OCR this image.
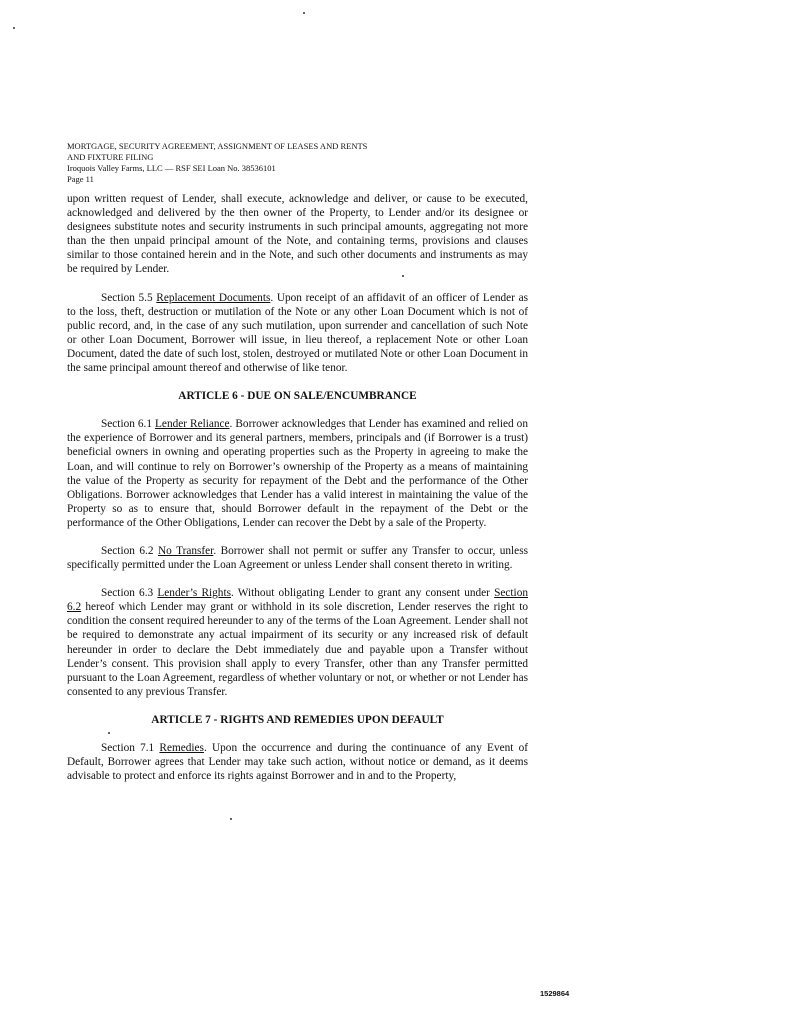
MORTGAGE, SECURITY AGREEMENT, ASSIGNMENT OF LEASES AND RENTS
AND FIXTURE FILING
Iroquois Valley Farms, LLC — RSF SEI Loan No. 38536101
Page 11

upon written request of Lender, shall execute, acknowledge and deliver, or cause to be executed, acknowledged and delivered by the then owner of the Property, to Lender and/or its designee or designees substitute notes and security instruments in such principal amounts, aggregating not more than the then unpaid principal amount of the Note, and containing terms, provisions and clauses similar to those contained herein and in the Note, and such other documents and instruments as may be required by Lender.

Section 5.5 Replacement Documents. Upon receipt of an affidavit of an officer of Lender as to the loss, theft, destruction or mutilation of the Note or any other Loan Document which is not of public record, and, in the case of any such mutilation, upon surrender and cancellation of such Note or other Loan Document, Borrower will issue, in lieu thereof, a replacement Note or other Loan Document, dated the date of such lost, stolen, destroyed or mutilated Note or other Loan Document in the same principal amount thereof and otherwise of like tenor.

ARTICLE 6 - DUE ON SALE/ENCUMBRANCE

Section 6.1 Lender Reliance. Borrower acknowledges that Lender has examined and relied on the experience of Borrower and its general partners, members, principals and (if Borrower is a trust) beneficial owners in owning and operating properties such as the Property in agreeing to make the Loan, and will continue to rely on Borrower’s ownership of the Property as a means of maintaining the value of the Property as security for repayment of the Debt and the performance of the Other Obligations. Borrower acknowledges that Lender has a valid interest in maintaining the value of the Property so as to ensure that, should Borrower default in the repayment of the Debt or the performance of the Other Obligations, Lender can recover the Debt by a sale of the Property.

Section 6.2 No Transfer. Borrower shall not permit or suffer any Transfer to occur, unless specifically permitted under the Loan Agreement or unless Lender shall consent thereto in writing.

Section 6.3 Lender’s Rights. Without obligating Lender to grant any consent under Section 6.2 hereof which Lender may grant or withhold in its sole discretion, Lender reserves the right to condition the consent required hereunder to any of the terms of the Loan Agreement. Lender shall not be required to demonstrate any actual impairment of its security or any increased risk of default hereunder in order to declare the Debt immediately due and payable upon a Transfer without Lender’s consent. This provision shall apply to every Transfer, other than any Transfer permitted pursuant to the Loan Agreement, regardless of whether voluntary or not, or whether or not Lender has consented to any previous Transfer.

ARTICLE 7 - RIGHTS AND REMEDIES UPON DEFAULT

Section 7.1 Remedies. Upon the occurrence and during the continuance of any Event of Default, Borrower agrees that Lender may take such action, without notice or demand, as it deems advisable to protect and enforce its rights against Borrower and in and to the Property,

1529864
